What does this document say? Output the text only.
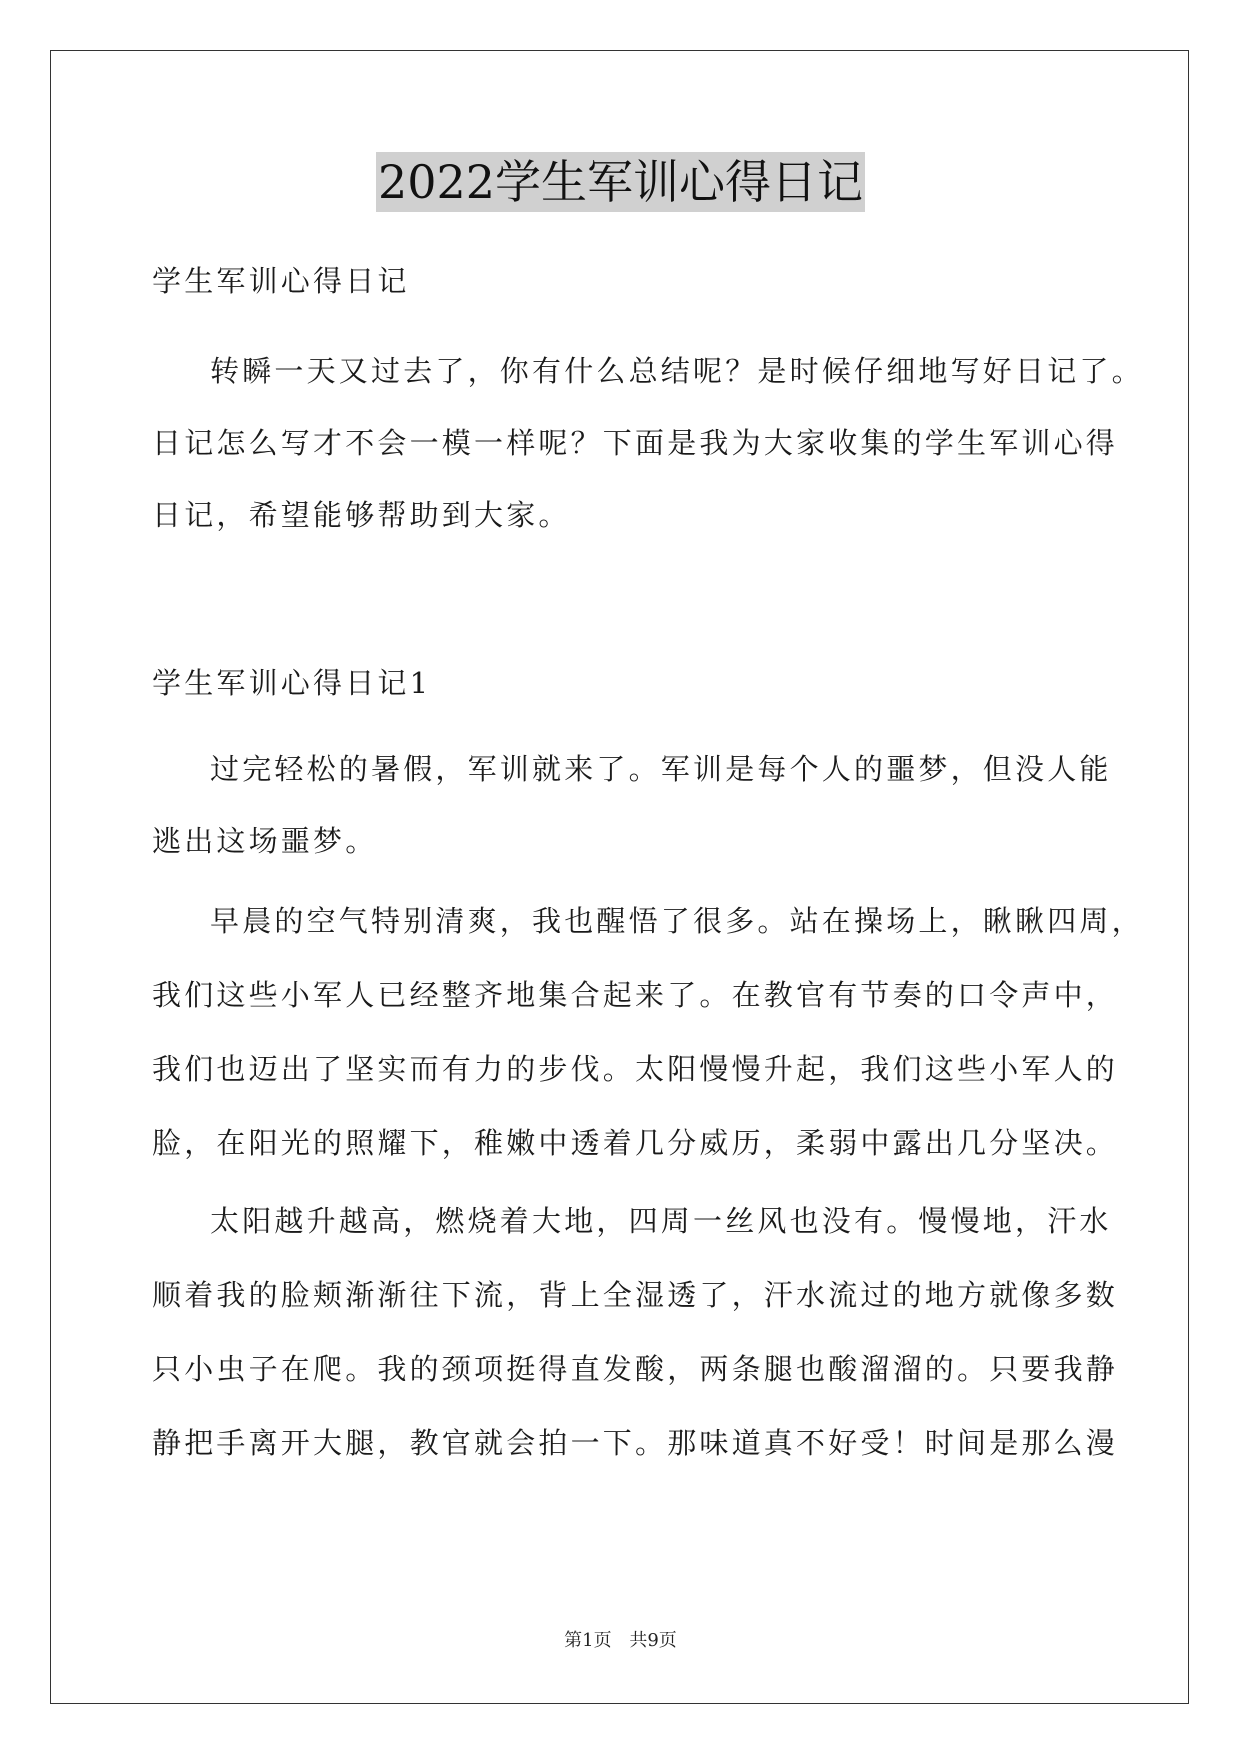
2022学生军训心得日记
学生军训心得日记
转瞬一天又过去了，你有什么总结呢？是时候仔细地写好日记了。
日记怎么写才不会一模一样呢？下面是我为大家收集的学生军训心得
日记，希望能够帮助到大家。
学生军训心得日记1
过完轻松的暑假，军训就来了。军训是每个人的噩梦，但没人能
逃出这场噩梦。
早晨的空气特别清爽，我也醒悟了很多。站在操场上，瞅瞅四周，
我们这些小军人已经整齐地集合起来了。在教官有节奏的口令声中，
我们也迈出了坚实而有力的步伐。太阳慢慢升起，我们这些小军人的
脸，在阳光的照耀下，稚嫩中透着几分威历，柔弱中露出几分坚决。
太阳越升越高，燃烧着大地，四周一丝风也没有。慢慢地，汗水
顺着我的脸颊渐渐往下流，背上全湿透了，汗水流过的地方就像多数
只小虫子在爬。我的颈项挺得直发酸，两条腿也酸溜溜的。只要我静
静把手离开大腿，教官就会拍一下。那味道真不好受！时间是那么漫
第1页 共9页
